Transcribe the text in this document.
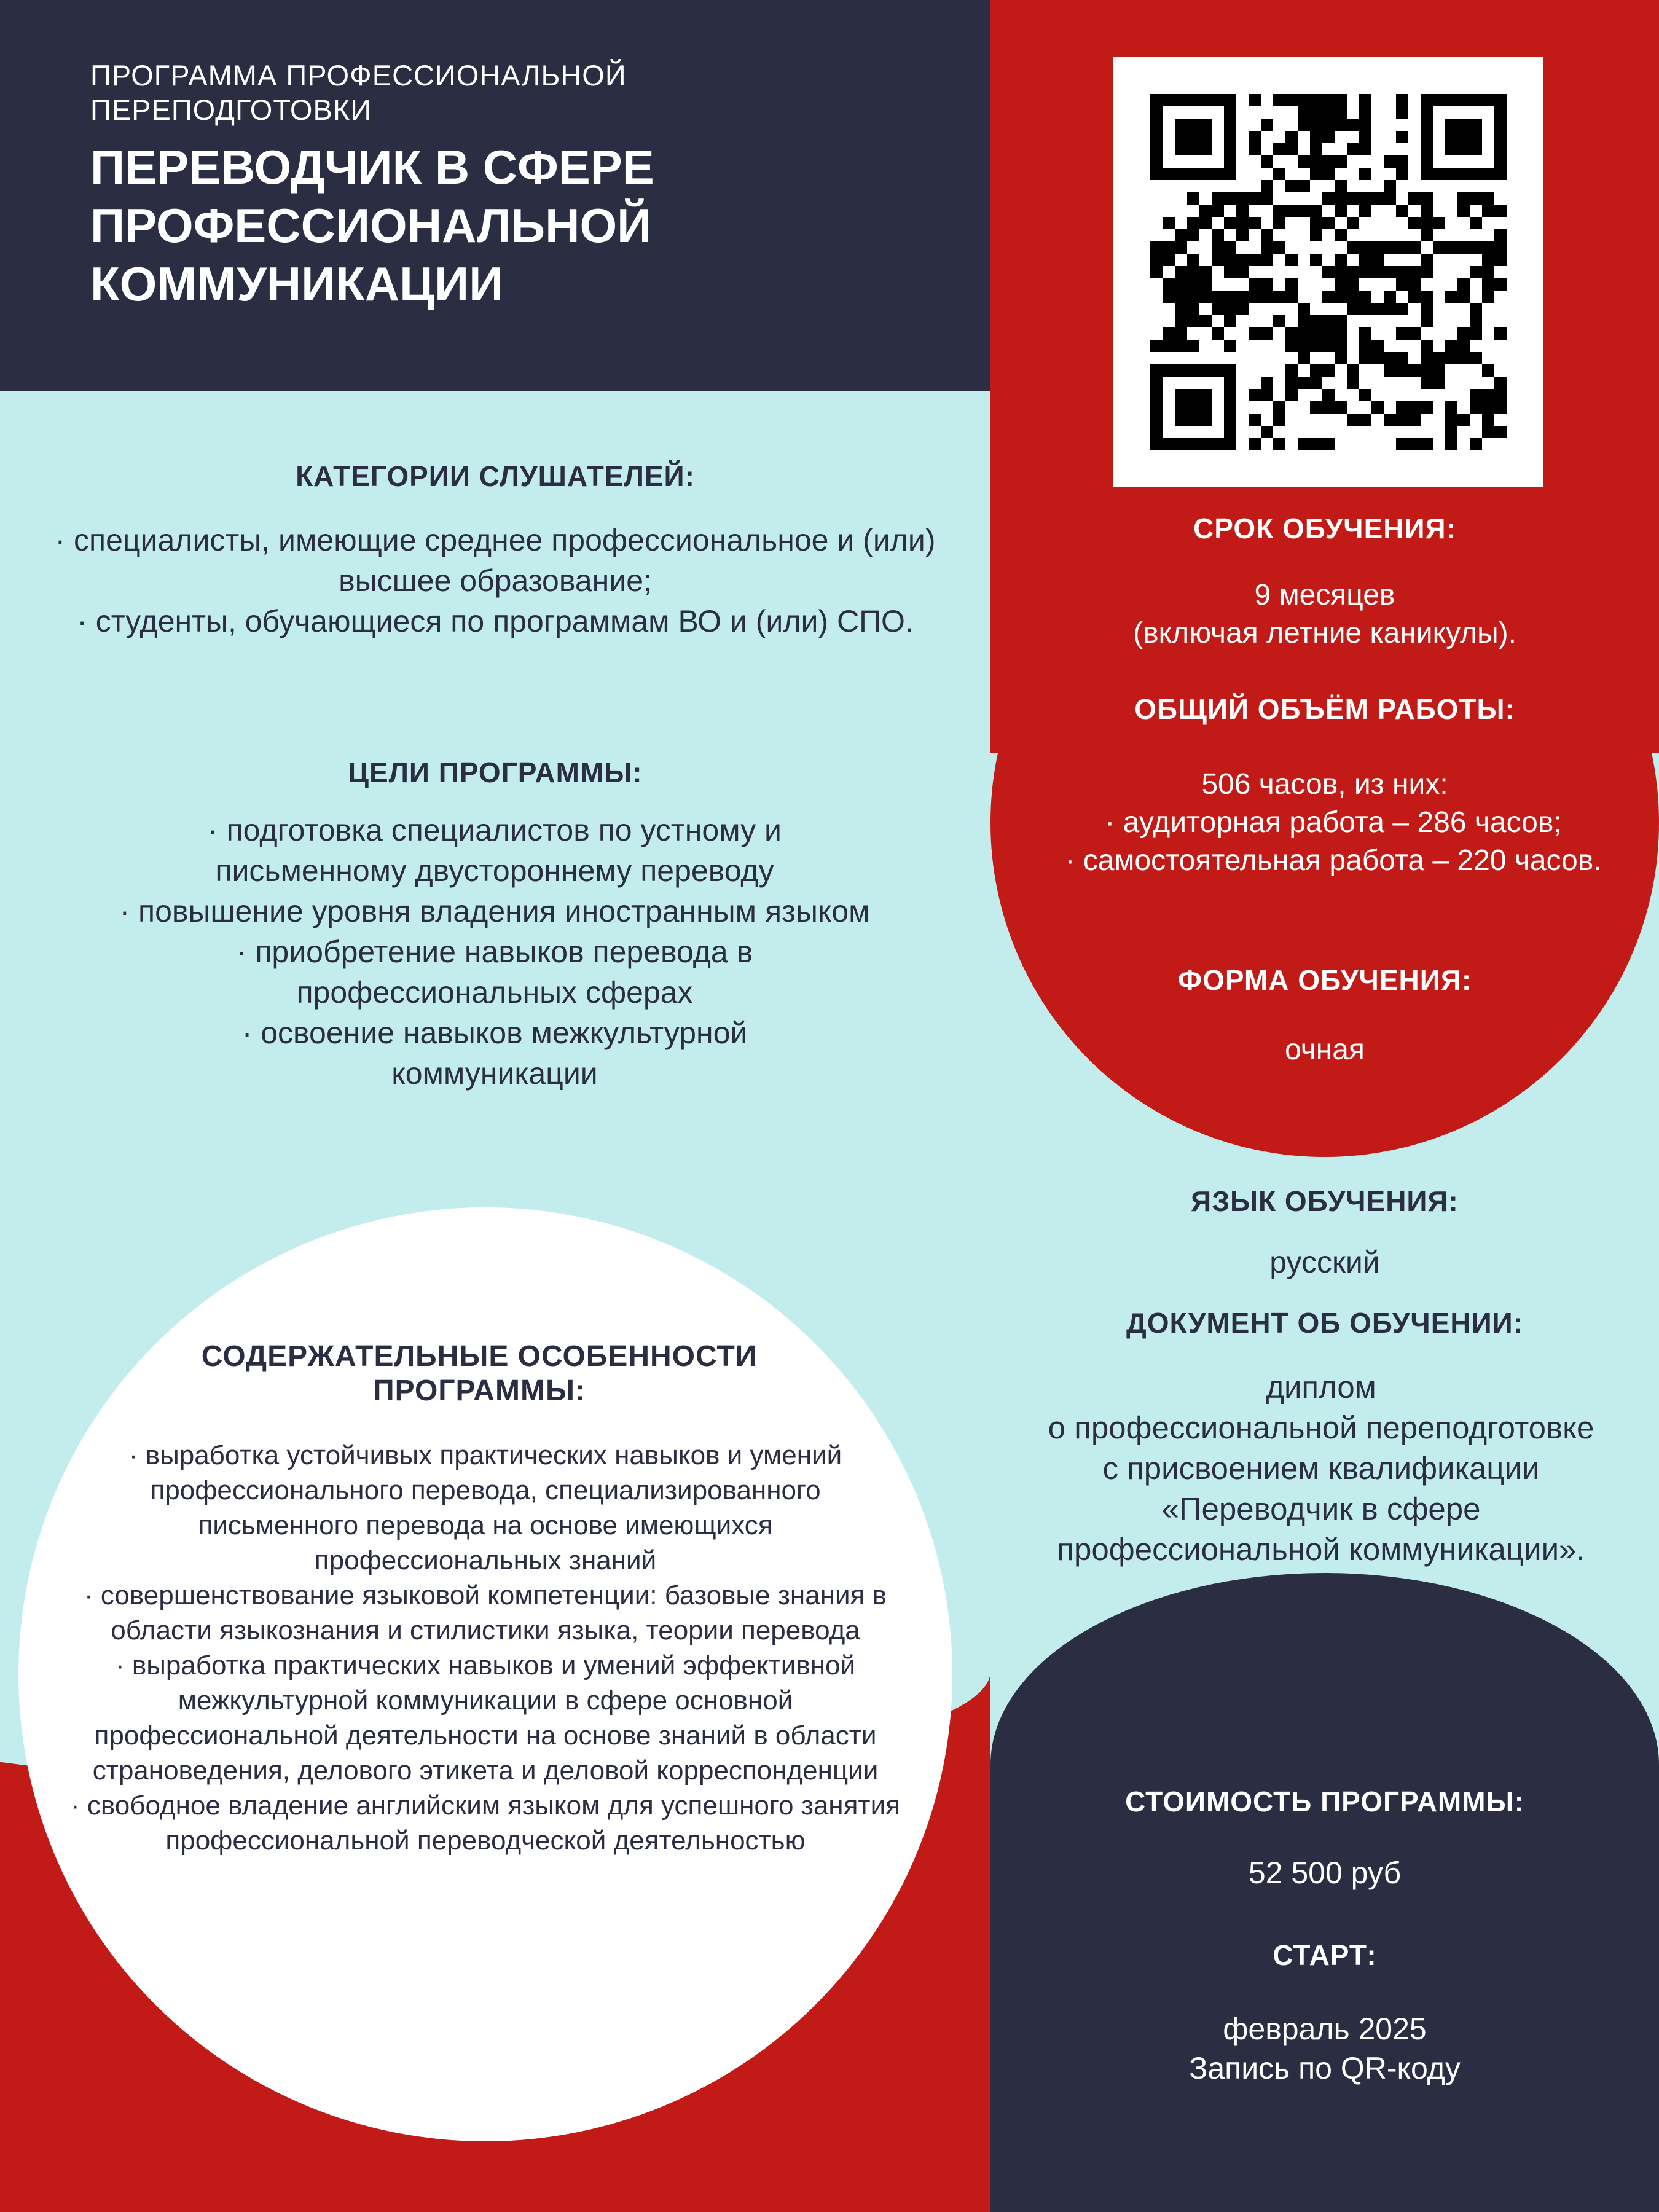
ПРОГРАММА ПРОФЕССИОНАЛЬНОЙ ПЕРЕПОДГОТОВКИ
ПЕРЕВОДЧИК В СФЕРЕ ПРОФЕССИОНАЛЬНОЙ КОММУНИКАЦИИ
КАТЕГОРИИ СЛУШАТЕЛЕЙ:
· специалисты, имеющие среднее профессиональное и (или) высшее образование;
· студенты, обучающиеся по программам ВО и (или) СПО.
ЦЕЛИ ПРОГРАММЫ:
· подготовка специалистов по устному и письменному двустороннему переводу
· повышение уровня владения иностранным языком
· приобретение навыков перевода в профессиональных сферах
· освоение навыков межкультурной коммуникации
СОДЕРЖАТЕЛЬНЫЕ ОСОБЕННОСТИ ПРОГРАММЫ:
· выработка устойчивых практических навыков и умений профессионального перевода, специализированного письменного перевода на основе имеющихся профессиональных знаний
· совершенствование языковой компетенции: базовые знания в области языкознания и стилистики языка, теории перевода
· выработка практических навыков и умений эффективной межкультурной коммуникации в сфере основной профессиональной деятельности на основе знаний в области страноведения, делового этикета и деловой корреспонденции
· свободное владение английским языком для успешного занятия профессиональной переводческой деятельностью
СРОК ОБУЧЕНИЯ:
9 месяцев
(включая летние каникулы).
ОБЩИЙ ОБЪЁМ РАБОТЫ:
506 часов, из них:
· аудиторная работа – 286 часов;
· самостоятельная работа – 220 часов.
ФОРМА ОБУЧЕНИЯ:
очная
ЯЗЫК ОБУЧЕНИЯ:
русский
ДОКУМЕНТ ОБ ОБУЧЕНИИ:
диплом
о профессиональной переподготовке
с присвоением квалификации
«Переводчик в сфере
профессиональной коммуникации».
СТОИМОСТЬ ПРОГРАММЫ:
52 500 руб
СТАРТ:
февраль 2025
Запись по QR-коду
